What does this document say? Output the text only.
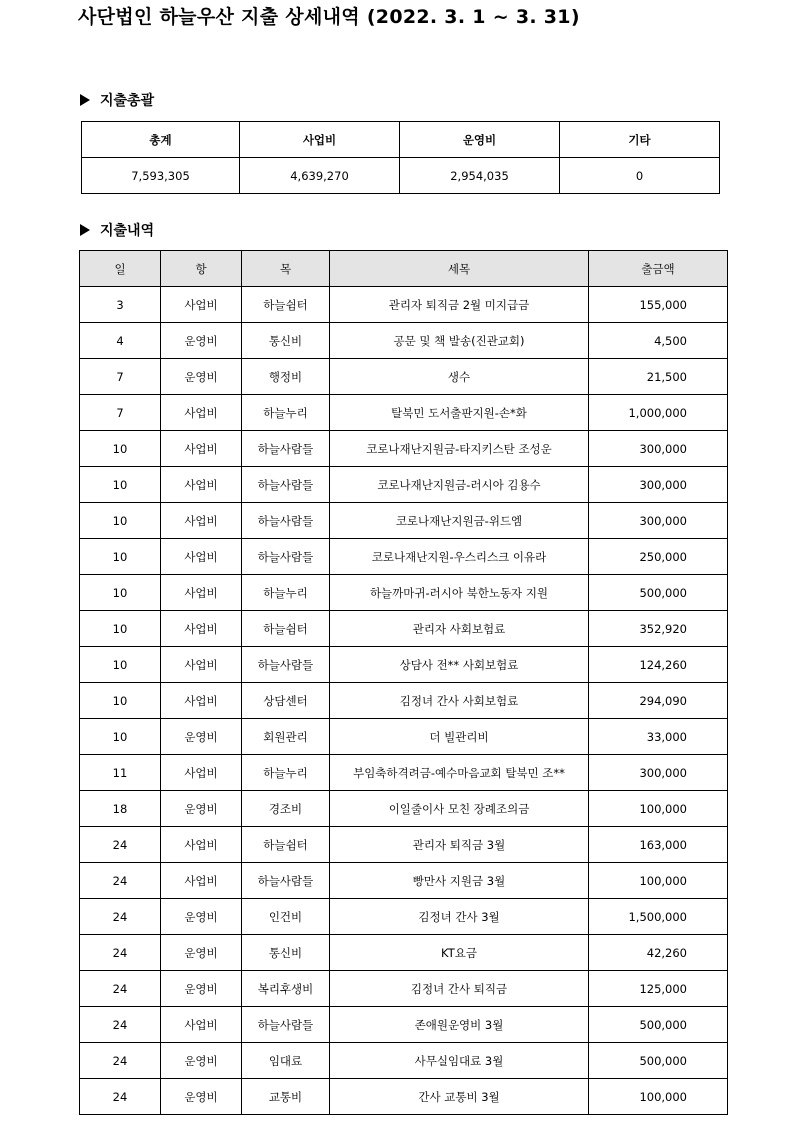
사단법인 하늘우산 지출 상세내역 (2022. 3. 1 ~ 3. 31)
지출총괄
총계	사업비	운영비	기타
7,593,305	4,639,270	2,954,035	0
지출내역
일	항	목	세목	출금액
3	사업비	하늘쉼터	관리자 퇴직금 2월 미지급금	155,000
4	운영비	통신비	공문 및 책 발송(진관교회)	4,500
7	운영비	행정비	생수	21,500
7	사업비	하늘누리	탈북민 도서출판지원-손*화	1,000,000
10	사업비	하늘사람들	코로나재난지원금-타지키스탄 조성운	300,000
10	사업비	하늘사람들	코로나재난지원금-러시아 김용수	300,000
10	사업비	하늘사람들	코로나재난지원금-위드엠	300,000
10	사업비	하늘사람들	코로나재난지원-우스리스크 이유라	250,000
10	사업비	하늘누리	하늘까마귀-러시아 북한노동자 지원	500,000
10	사업비	하늘쉼터	관리자 사회보험료	352,920
10	사업비	하늘사람들	상담사 전** 사회보험료	124,260
10	사업비	상담센터	김정녀 간사 사회보험료	294,090
10	운영비	회원관리	더 빌관리비	33,000
11	사업비	하늘누리	부임축하격려금-예수마음교회 탈북민 조**	300,000
18	운영비	경조비	이일줄이사 모친 장례조의금	100,000
24	사업비	하늘쉼터	관리자 퇴직금 3월	163,000
24	사업비	하늘사람들	빵만사 지원금 3월	100,000
24	운영비	인건비	김정녀 간사 3월	1,500,000
24	운영비	통신비	KT요금	42,260
24	운영비	복리후생비	김정녀 간사 퇴직금	125,000
24	사업비	하늘사람들	존애원운영비 3월	500,000
24	운영비	임대료	사무실임대료 3월	500,000
24	운영비	교통비	간사 교통비 3월	100,000
